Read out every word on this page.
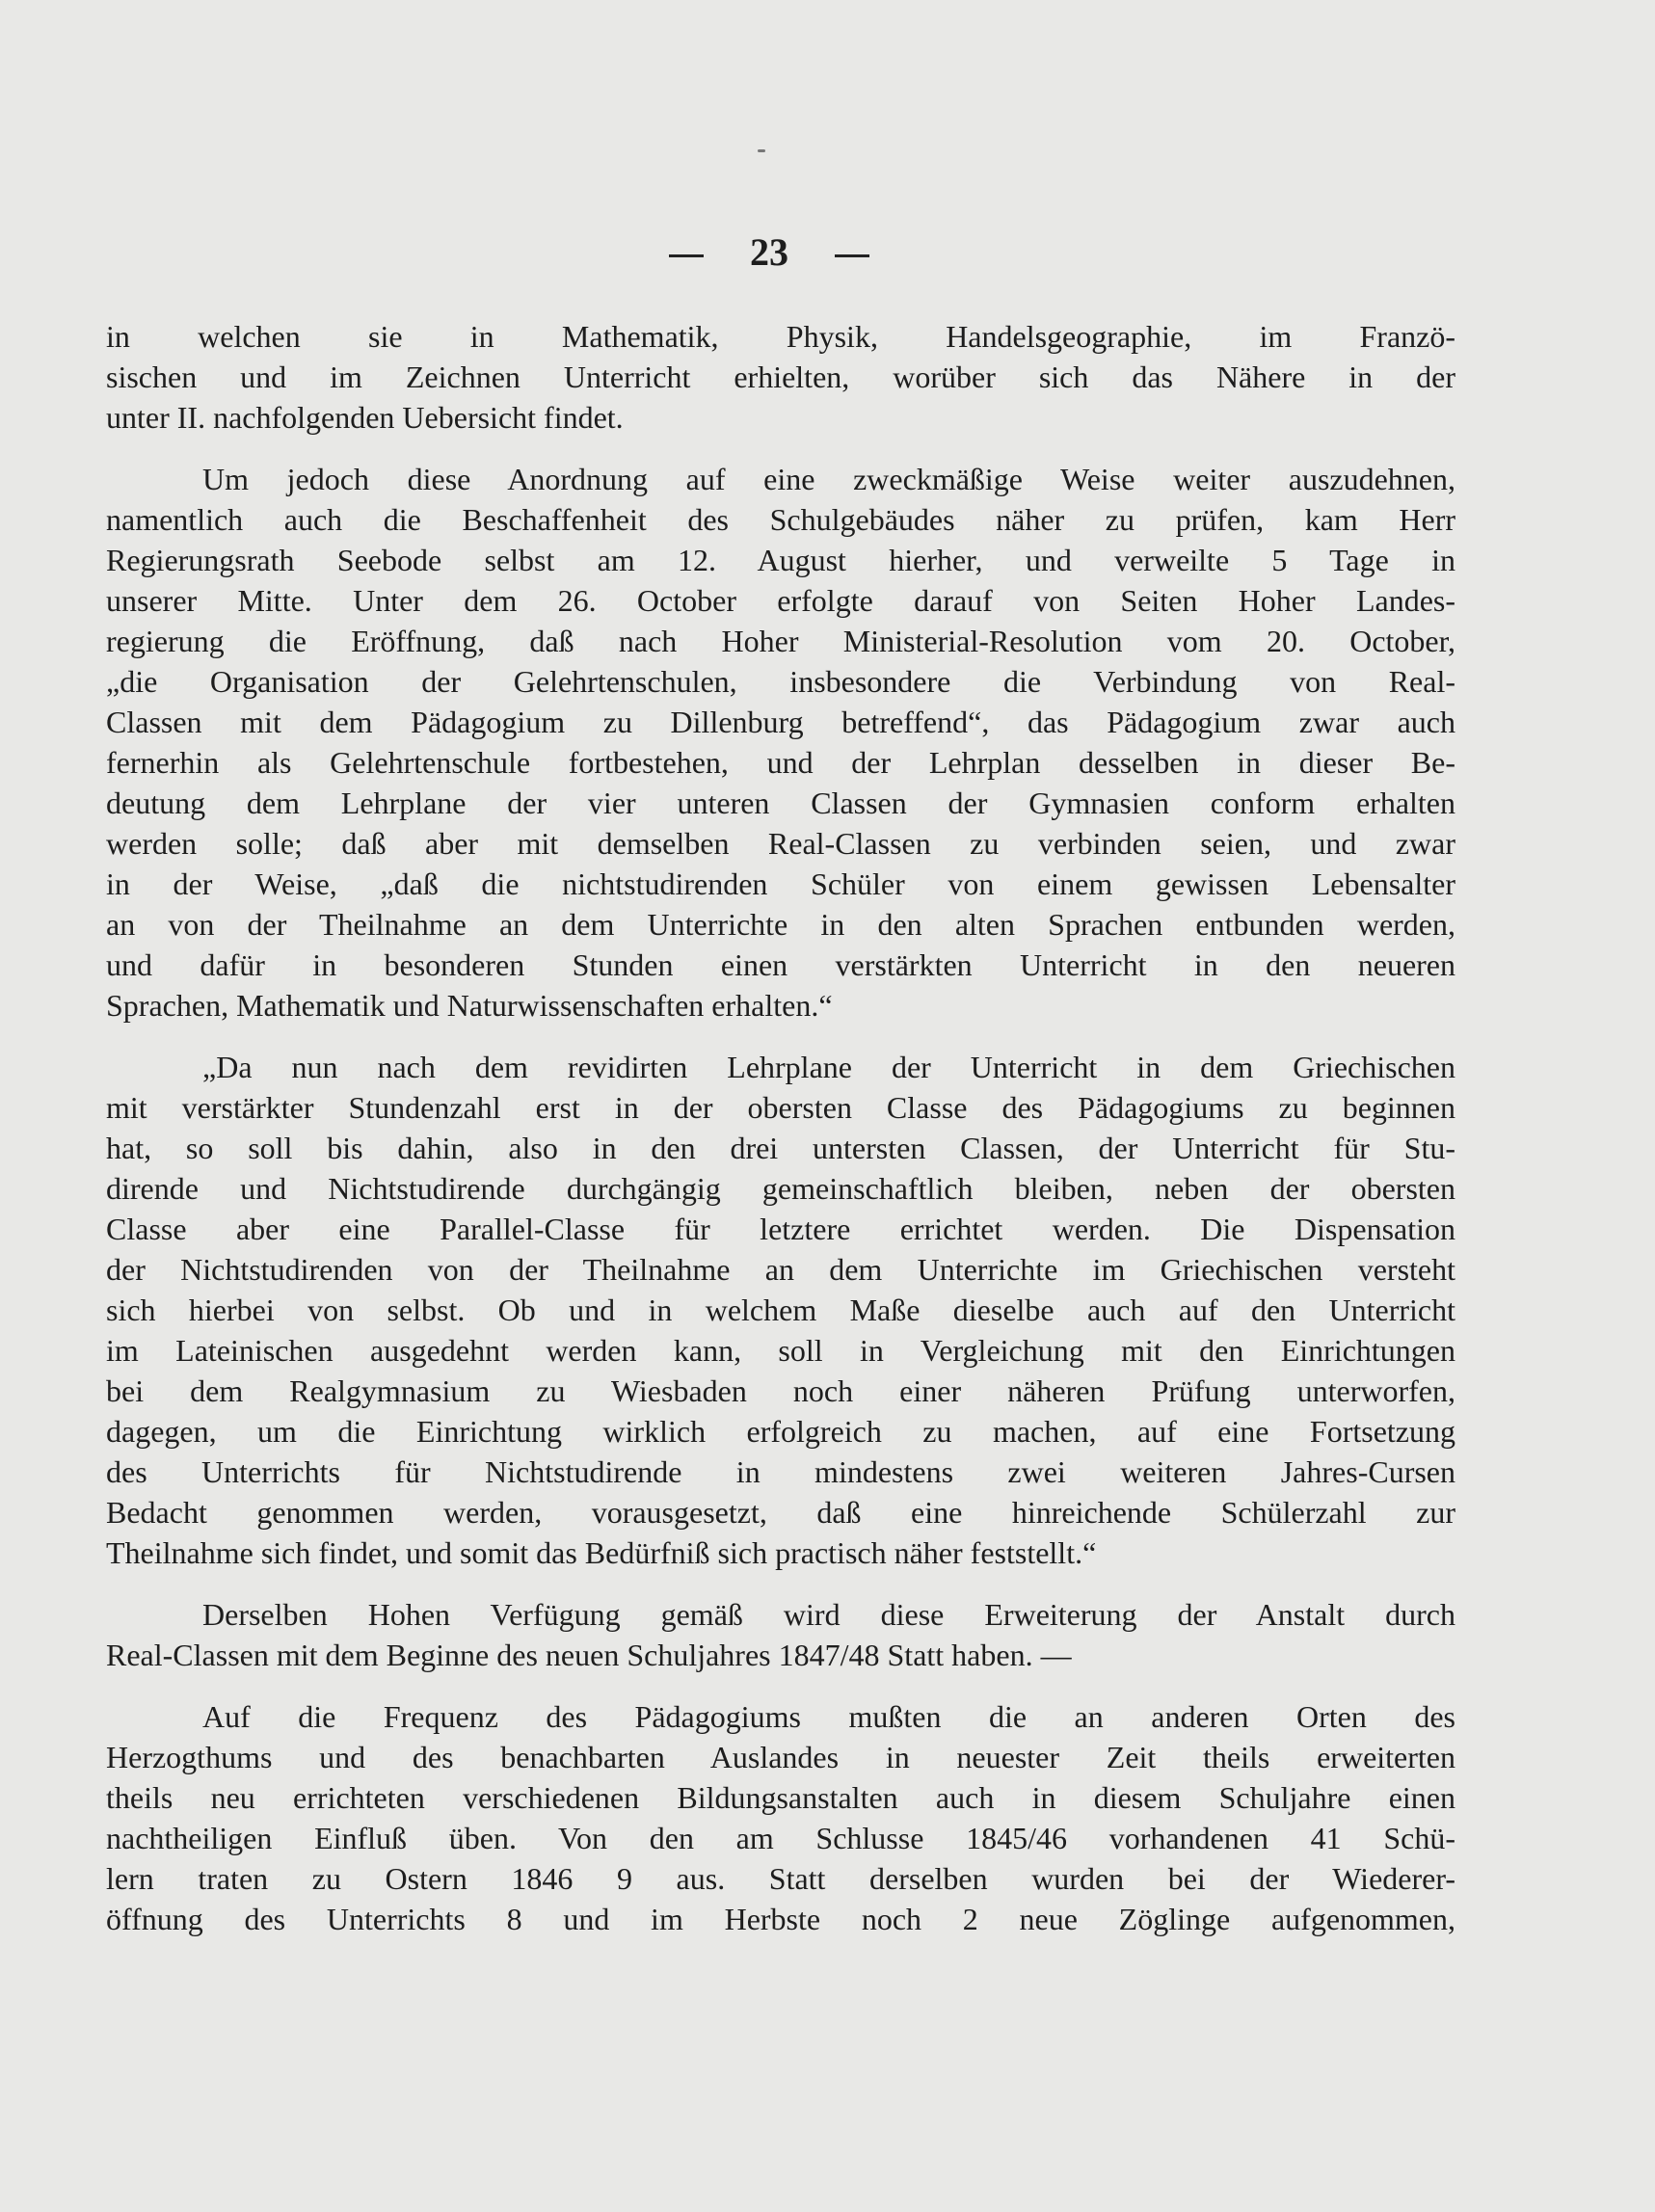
23
in welchen sie in Mathematik, Physik, Handelsgeographie, im Franzö-
sischen und im Zeichnen Unterricht erhielten, worüber sich das Nähere in der
unter II. nachfolgenden Uebersicht findet.
Um jedoch diese Anordnung auf eine zweckmäßige Weise weiter auszudehnen,
namentlich auch die Beschaffenheit des Schulgebäudes näher zu prüfen, kam Herr
Regierungsrath Seebode selbst am 12. August hierher, und verweilte 5 Tage in
unserer Mitte. Unter dem 26. October erfolgte darauf von Seiten Hoher Landes-
regierung die Eröffnung, daß nach Hoher Ministerial-Resolution vom 20. October,
„die Organisation der Gelehrtenschulen, insbesondere die Verbindung von Real-
Classen mit dem Pädagogium zu Dillenburg betreffend“, das Pädagogium zwar auch
fernerhin als Gelehrtenschule fortbestehen, und der Lehrplan desselben in dieser Be-
deutung dem Lehrplane der vier unteren Classen der Gymnasien conform erhalten
werden solle; daß aber mit demselben Real-Classen zu verbinden seien, und zwar
in der Weise, „daß die nichtstudirenden Schüler von einem gewissen Lebensalter
an von der Theilnahme an dem Unterrichte in den alten Sprachen entbunden werden,
und dafür in besonderen Stunden einen verstärkten Unterricht in den neueren
Sprachen, Mathematik und Naturwissenschaften erhalten.“
„Da nun nach dem revidirten Lehrplane der Unterricht in dem Griechischen
mit verstärkter Stundenzahl erst in der obersten Classe des Pädagogiums zu beginnen
hat, so soll bis dahin, also in den drei untersten Classen, der Unterricht für Stu-
dirende und Nichtstudirende durchgängig gemeinschaftlich bleiben, neben der obersten
Classe aber eine Parallel-Classe für letztere errichtet werden. Die Dispensation
der Nichtstudirenden von der Theilnahme an dem Unterrichte im Griechischen versteht
sich hierbei von selbst. Ob und in welchem Maße dieselbe auch auf den Unterricht
im Lateinischen ausgedehnt werden kann, soll in Vergleichung mit den Einrichtungen
bei dem Realgymnasium zu Wiesbaden noch einer näheren Prüfung unterworfen,
dagegen, um die Einrichtung wirklich erfolgreich zu machen, auf eine Fortsetzung
des Unterrichts für Nichtstudirende in mindestens zwei weiteren Jahres-Cursen
Bedacht genommen werden, vorausgesetzt, daß eine hinreichende Schülerzahl zur
Theilnahme sich findet, und somit das Bedürfniß sich practisch näher feststellt.“
Derselben Hohen Verfügung gemäß wird diese Erweiterung der Anstalt durch
Real-Classen mit dem Beginne des neuen Schuljahres 1847/48 Statt haben. —
Auf die Frequenz des Pädagogiums mußten die an anderen Orten des
Herzogthums und des benachbarten Auslandes in neuester Zeit theils erweiterten
theils neu errichteten verschiedenen Bildungsanstalten auch in diesem Schuljahre einen
nachtheiligen Einfluß üben. Von den am Schlusse 1845/46 vorhandenen 41 Schü-
lern traten zu Ostern 1846 9 aus. Statt derselben wurden bei der Wiederer-
öffnung des Unterrichts 8 und im Herbste noch 2 neue Zöglinge aufgenommen,
